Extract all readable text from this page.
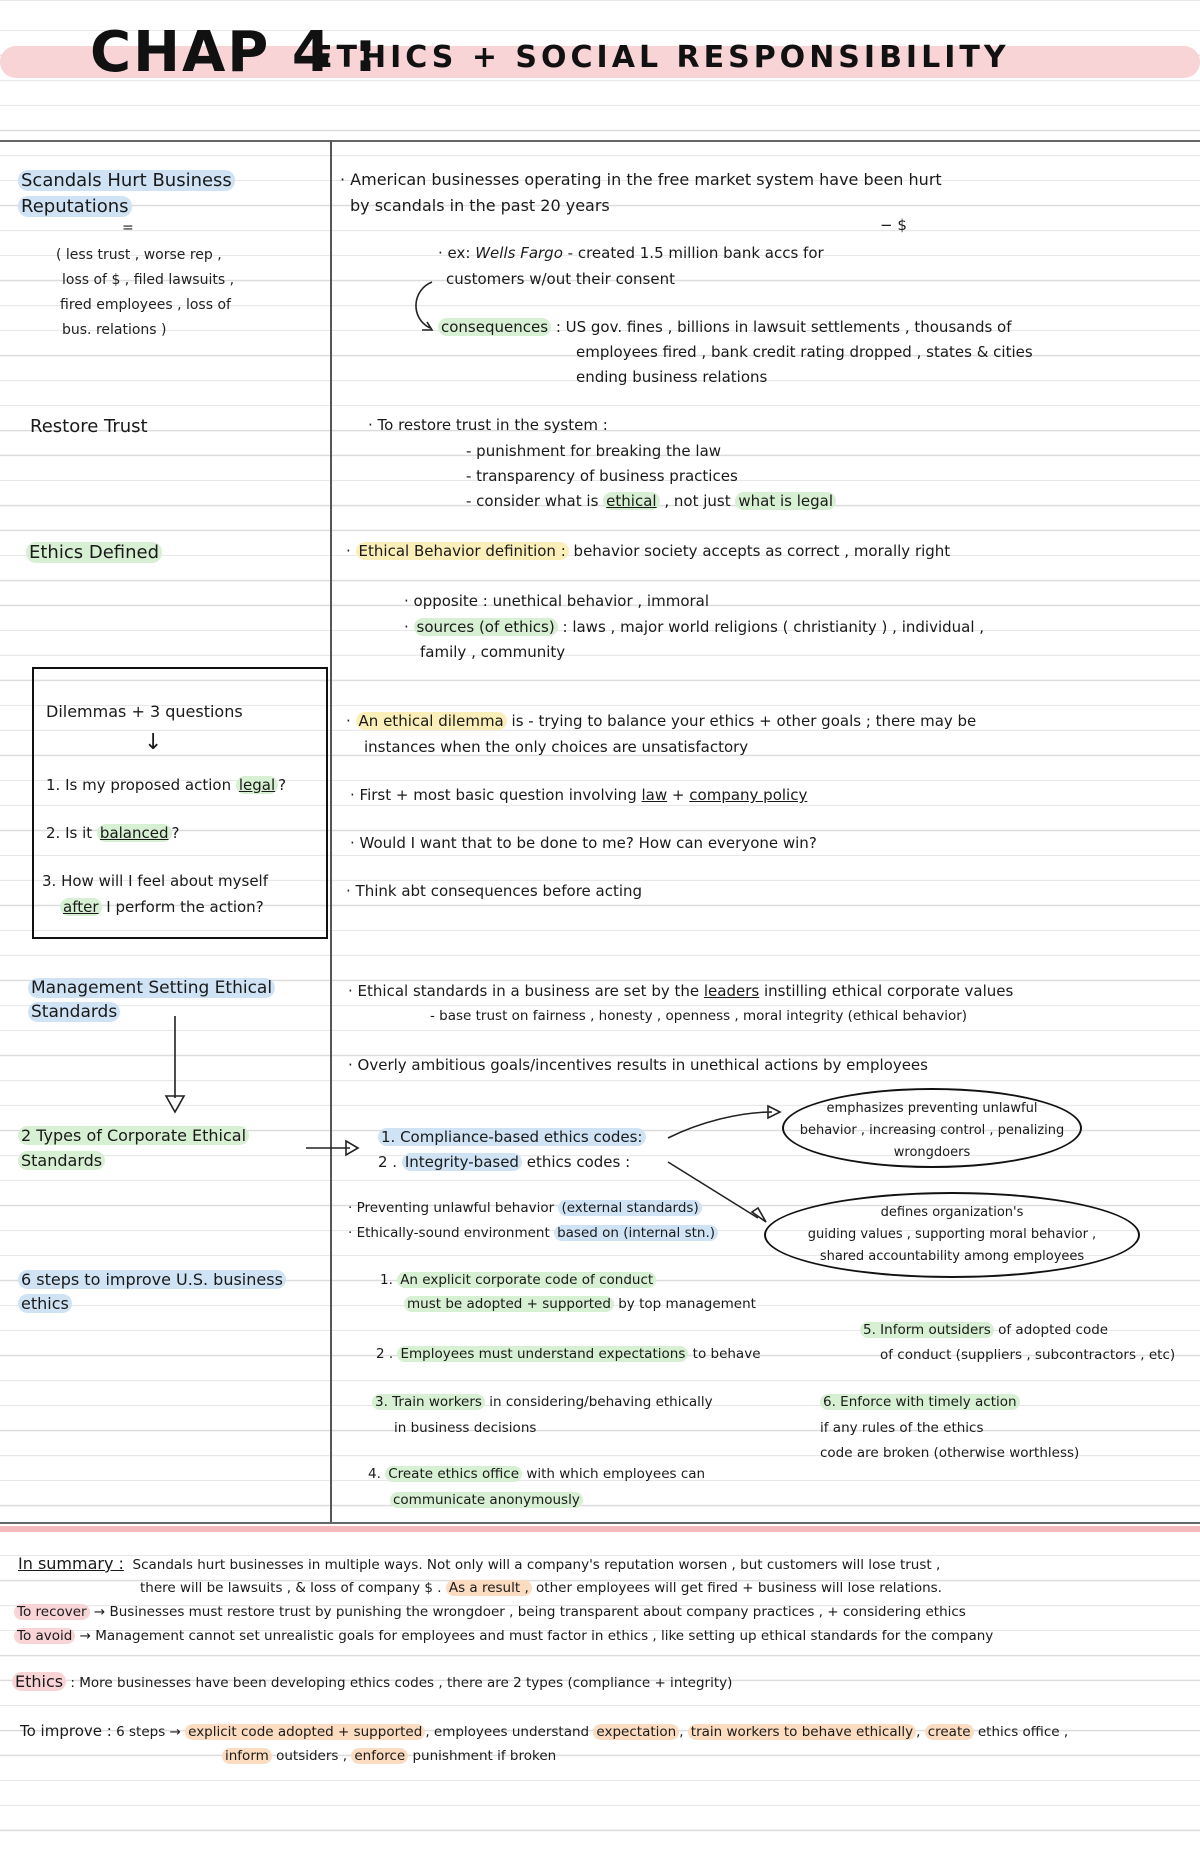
CHAP 4 :
ETHICS + SOCIAL RESPONSIBILITY
Scandals Hurt Business
Reputations
=
( less trust , worse rep ,
loss of $ , filed lawsuits ,
fired employees , loss of
bus. relations )
· American businesses operating in the free market system have been hurt
by scandals in the past 20 years
− $
· ex: Wells Fargo - created 1.5 million bank accs for
customers w/out their consent
consequences : US gov. fines , billions in lawsuit settlements , thousands of
employees fired , bank credit rating dropped , states & cities
ending business relations
Restore Trust	· To restore trust in the system :
- punishment for breaking the law
- transparency of business practices
- consider what is ethical , not just what is legal
Ethics Defined	· Ethical Behavior definition : behavior society accepts as correct , morally right
· opposite : unethical behavior , immoral
· sources (of ethics) : laws , major world religions ( christianity ) , individual ,
family , community
Dilemmas + 3 questions
↓
1. Is my proposed action legal ?
2. Is it balanced ?
3. How will I feel about myself
after I perform the action?
· An ethical dilemma is - trying to balance your ethics + other goals ; there may be
instances when the only choices are unsatisfactory
· First + most basic question involving law + company policy
· Would I want that to be done to me? How can everyone win?
· Think abt consequences before acting
Management Setting Ethical
Standards
· Ethical standards in a business are set by the leaders instilling ethical corporate values
- base trust on fairness , honesty , openness , moral integrity (ethical behavior)
· Overly ambitious goals/incentives results in unethical actions by employees
2 Types of Corporate Ethical
Standards
1. Compliance-based ethics codes:
2 . Integrity-based ethics codes :
emphasizes preventing unlawful
behavior , increasing control , penalizing
wrongdoers
defines organization's
guiding values , supporting moral behavior ,
shared accountability among employees
· Preventing unlawful behavior (external standards)
· Ethically-sound environment based on (internal stn.)
6 steps to improve U.S. business
ethics
1. An explicit corporate code of conduct
must be adopted + supported by top management
2 . Employees must understand expectations to behave
3. Train workers in considering/behaving ethically
in business decisions
4. Create ethics office with which employees can
communicate anonymously
5. Inform outsiders of adopted code
of conduct (suppliers , subcontractors , etc)
6. Enforce with timely action
if any rules of the ethics
code are broken (otherwise worthless)
In summary : Scandals hurt businesses in multiple ways. Not only will a company's reputation worsen , but customers will lose trust ,
there will be lawsuits , & loss of company $ . As a result , other employees will get fired + business will lose relations.
To recover → Businesses must restore trust by punishing the wrongdoer , being transparent about company practices , + considering ethics
To avoid → Management cannot set unrealistic goals for employees and must factor in ethics , like setting up ethical standards for the company
Ethics : More businesses have been developing ethics codes , there are 2 types (compliance + integrity)
To improve : 6 steps → explicit code adopted + supported , employees understand expectation , train workers to behave ethically , create ethics office ,
inform outsiders , enforce punishment if broken
